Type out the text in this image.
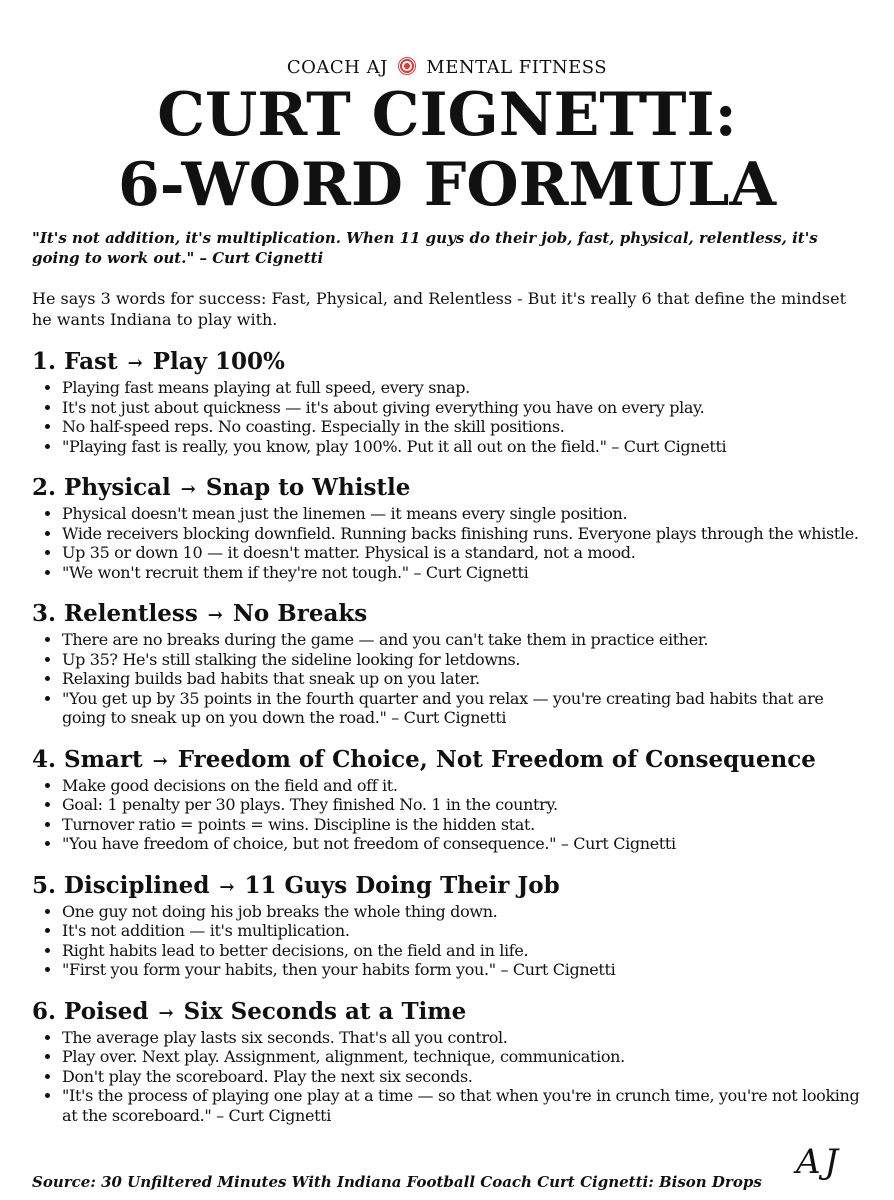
COACH AJ MENTAL FITNESS
CURT CIGNETTI:
6-WORD FORMULA

"It's not addition, it's multiplication. When 11 guys do their job, fast, physical, relentless, it's going to work out." – Curt Cignetti

He says 3 words for success: Fast, Physical, and Relentless - But it's really 6 that define the mindset he wants Indiana to play with.

1. Fast → Play 100%
• Playing fast means playing at full speed, every snap.
• It's not just about quickness — it's about giving everything you have on every play.
• No half-speed reps. No coasting. Especially in the skill positions.
• "Playing fast is really, you know, play 100%. Put it all out on the field." – Curt Cignetti
2. Physical → Snap to Whistle
• Physical doesn't mean just the linemen — it means every single position.
• Wide receivers blocking downfield. Running backs finishing runs. Everyone plays through the whistle.
• Up 35 or down 10 — it doesn't matter. Physical is a standard, not a mood.
• "We won't recruit them if they're not tough." – Curt Cignetti
3. Relentless → No Breaks
• There are no breaks during the game — and you can't take them in practice either.
• Up 35? He's still stalking the sideline looking for letdowns.
• Relaxing builds bad habits that sneak up on you later.
• "You get up by 35 points in the fourth quarter and you relax — you're creating bad habits that are going to sneak up on you down the road." – Curt Cignetti
4. Smart → Freedom of Choice, Not Freedom of Consequence
• Make good decisions on the field and off it.
• Goal: 1 penalty per 30 plays. They finished No. 1 in the country.
• Turnover ratio = points = wins. Discipline is the hidden stat.
• "You have freedom of choice, but not freedom of consequence." – Curt Cignetti
5. Disciplined → 11 Guys Doing Their Job
• One guy not doing his job breaks the whole thing down.
• It's not addition — it's multiplication.
• Right habits lead to better decisions, on the field and in life.
• "First you form your habits, then your habits form you." – Curt Cignetti
6. Poised → Six Seconds at a Time
• The average play lasts six seconds. That's all you control.
• Play over. Next play. Assignment, alignment, technique, communication.
• Don't play the scoreboard. Play the next six seconds.
• "It's the process of playing one play at a time — so that when you're in crunch time, you're not looking at the scoreboard." – Curt Cignetti
Source: 30 Unfiltered Minutes With Indiana Football Coach Curt Cignetti: Bison Drops AJ
